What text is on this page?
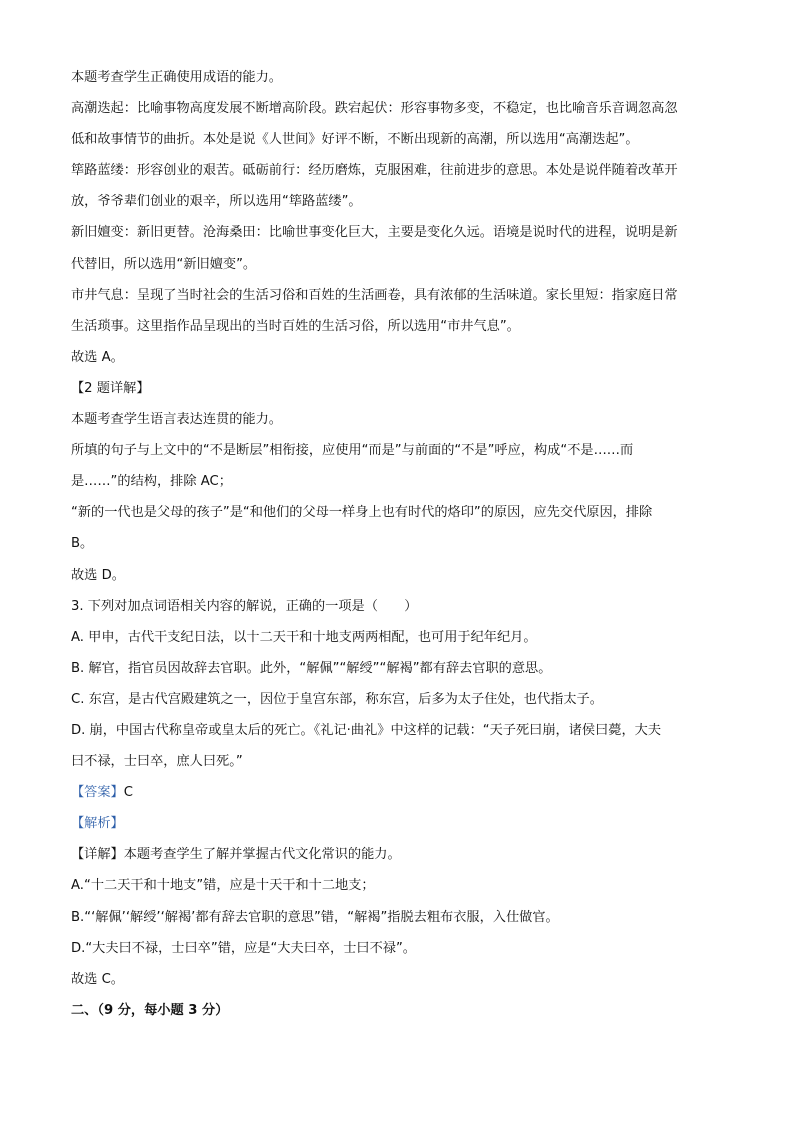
本题考查学生正确使用成语的能力。
高潮迭起：比喻事物高度发展不断增高阶段。跌宕起伏：形容事物多变，不稳定，也比喻音乐音调忽高忽
低和故事情节的曲折。本处是说《人世间》好评不断，不断出现新的高潮，所以选用“高潮迭起”。
筚路蓝缕：形容创业的艰苦。砥砺前行：经历磨炼，克服困难，往前进步的意思。本处是说伴随着改革开
放，爷爷辈们创业的艰辛，所以选用“筚路蓝缕”。
新旧嬗变：新旧更替。沧海桑田：比喻世事变化巨大，主要是变化久远。语境是说时代的进程，说明是新
代替旧，所以选用“新旧嬗变”。
市井气息：呈现了当时社会的生活习俗和百姓的生活画卷，具有浓郁的生活味道。家长里短：指家庭日常
生活琐事。这里指作品呈现出的当时百姓的生活习俗，所以选用“市井气息”。
故选 A。
【2 题详解】
本题考查学生语言表达连贯的能力。
所填的句子与上文中的“不是断层”相衔接，应使用“而是”与前面的“不是”呼应，构成“不是……而
是……”的结构，排除 AC；
“新的一代也是父母的孩子”是“和他们的父母一样身上也有时代的烙印”的原因，应先交代原因，排除
B。
故选 D。
3. 下列对加点词语相关内容的解说，正确的一项是（　　）
A. 甲申，古代干支纪日法，以十二天干和十地支两两相配，也可用于纪年纪月。
B. 解官，指官员因故辞去官职。此外，“解佩”“解绶”“解褐”都有辞去官职的意思。
C. 东宫，是古代宫殿建筑之一，因位于皇宫东部，称东宫，后多为太子住处，也代指太子。
D. 崩，中国古代称皇帝或皇太后的死亡。《礼记·曲礼》中这样的记载：“天子死曰崩，诸侯曰薨，大夫
曰不禄，士曰卒，庶人曰死。”
【答案】C
【解析】
【详解】本题考查学生了解并掌握古代文化常识的能力。
A.“十二天干和十地支”错，应是十天干和十二地支；
B.“‘解佩’‘解绶’‘解褐’都有辞去官职的意思”错，“解褐”指脱去粗布衣服，入仕做官。
D.“大夫曰不禄，士曰卒”错，应是“大夫曰卒，士曰不禄”。
故选 C。
二、（9 分，每小题 3 分）
